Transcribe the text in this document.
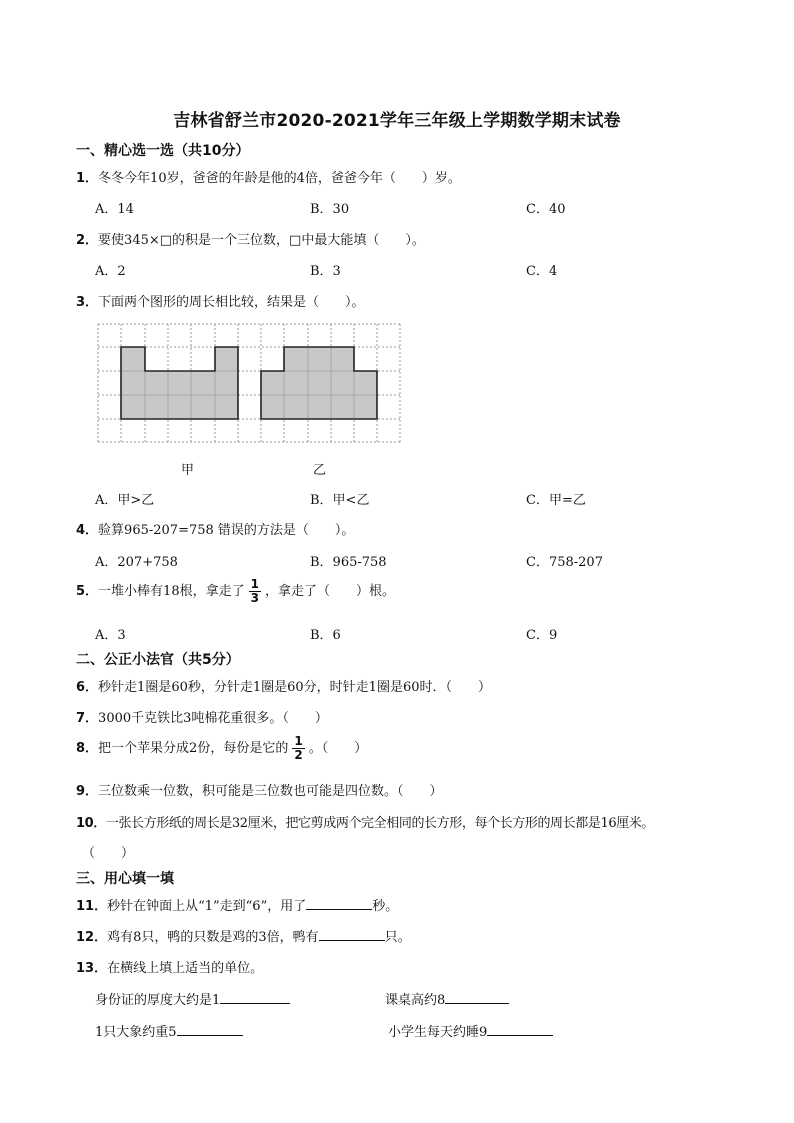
吉林省舒兰市2020-2021学年三年级上学期数学期末试卷
一、精心选一选（共10分）
1．冬冬今年10岁，爸爸的年龄是他的4倍，爸爸今年（　　）岁。
A．14	B．30	C．40
2．要使345×□的积是一个三位数，□中最大能填（　　）。
A．2	B．3	C．4
3．下面两个图形的周长相比较，结果是（　　）。
甲	乙
A．甲>乙	B．甲<乙	C．甲=乙
4．验算965-207=758 错误的方法是（　　）。
A．207+758	B．965-758	C．758-207
5．一堆小棒有18根，拿走了 $\frac{1}{3}$ ，拿走了（　　）根。
A．3	B．6	C．9
二、公正小法官（共5分）
6．秒针走1圈是60秒，分针走1圈是60分，时针走1圈是60时．（　　）
7．3000千克铁比3吨棉花重很多。（　　）
8．把一个苹果分成2份，每份是它的 $\frac{1}{2}$ 。（　　）
9．三位数乘一位数，积可能是三位数也可能是四位数。（　　）
10．一张长方形纸的周长是32厘米，把它剪成两个完全相同的长方形，每个长方形的周长都是16厘米。
（　　）
三、用心填一填
11．秒针在钟面上从“1”走到“6”，用了	秒。
12．鸡有8只，鸭的只数是鸡的3倍，鸭有	只。
13．在横线上填上适当的单位。
身份证的厚度大约是1	课桌高约8
1只大象约重5	小学生每天约睡9
